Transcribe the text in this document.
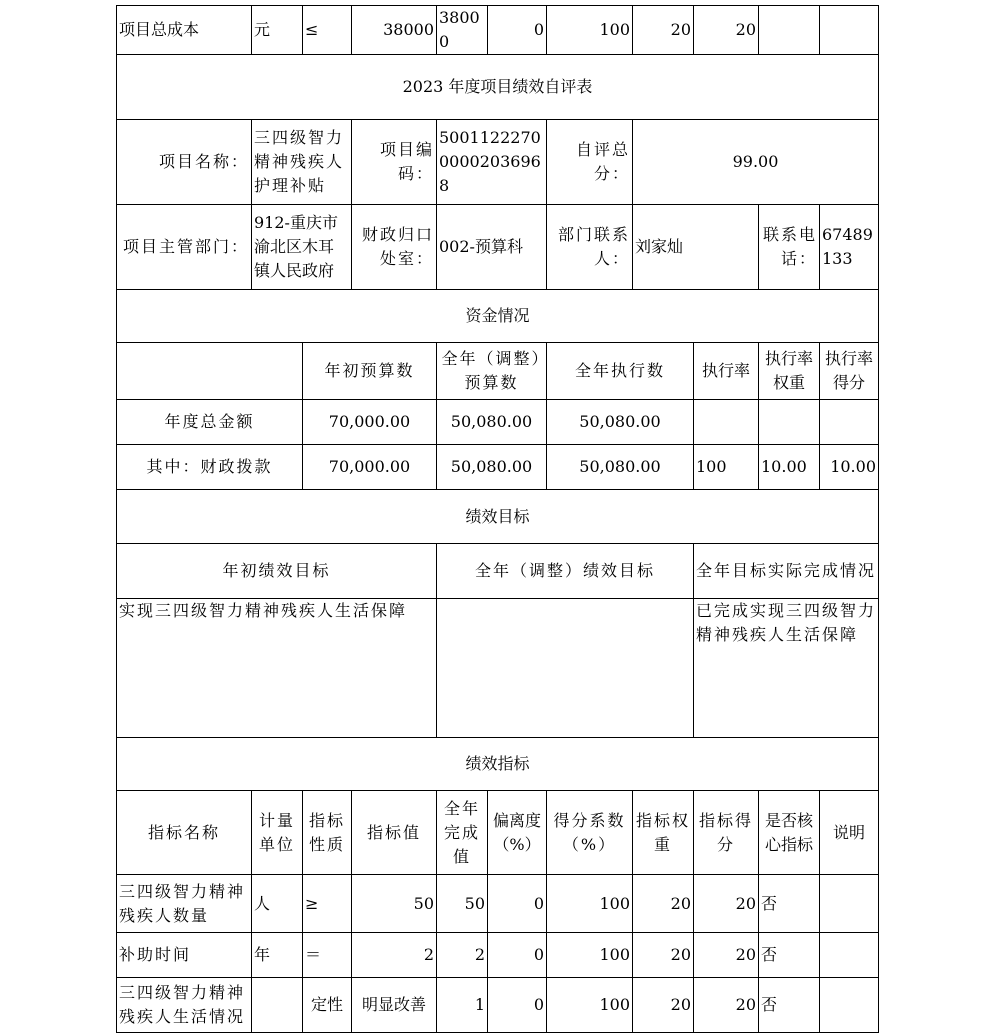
项目总成本	元	≤	38000	38000	0	100	20	20		
2023 年度项目绩效自评表										
项目名称：	三四级智力精神残疾人护理补贴		项目编码：	500112227000002036968		自评总分：	99.00			
项目主管部门：	912-重庆市渝北区木耳镇人民政府		财政归口处室：	002-预算科		部门联系人：	刘家灿		联系电话：	67489133
资金情况										
		年初预算数		全年（调整）预算数		全年执行数		执行率	执行率权重	执行率得分
年度总金额		70,000.00		50,080.00		50,080.00				
其中：财政拨款		70,000.00		50,080.00		50,080.00		100	10.00	10.00
绩效目标										
年初绩效目标				全年（调整）绩效目标				全年目标实际完成情况		
实现三四级智力精神残疾人生活保障								已完成实现三四级智力精神残疾人生活保障		
绩效指标										
指标名称	计量单位	指标性质	指标值	全年完成值	偏离度（%）	得分系数（%）	指标权重	指标得分	是否核心指标	说明
三四级智力精神残疾人数量	人	≥	50	50	0	100	20	20	否	
补助时间	年	＝	2	2	0	100	20	20	否	
三四级智力精神残疾人生活情况		定性	明显改善	1	0	100	20	20	否	
